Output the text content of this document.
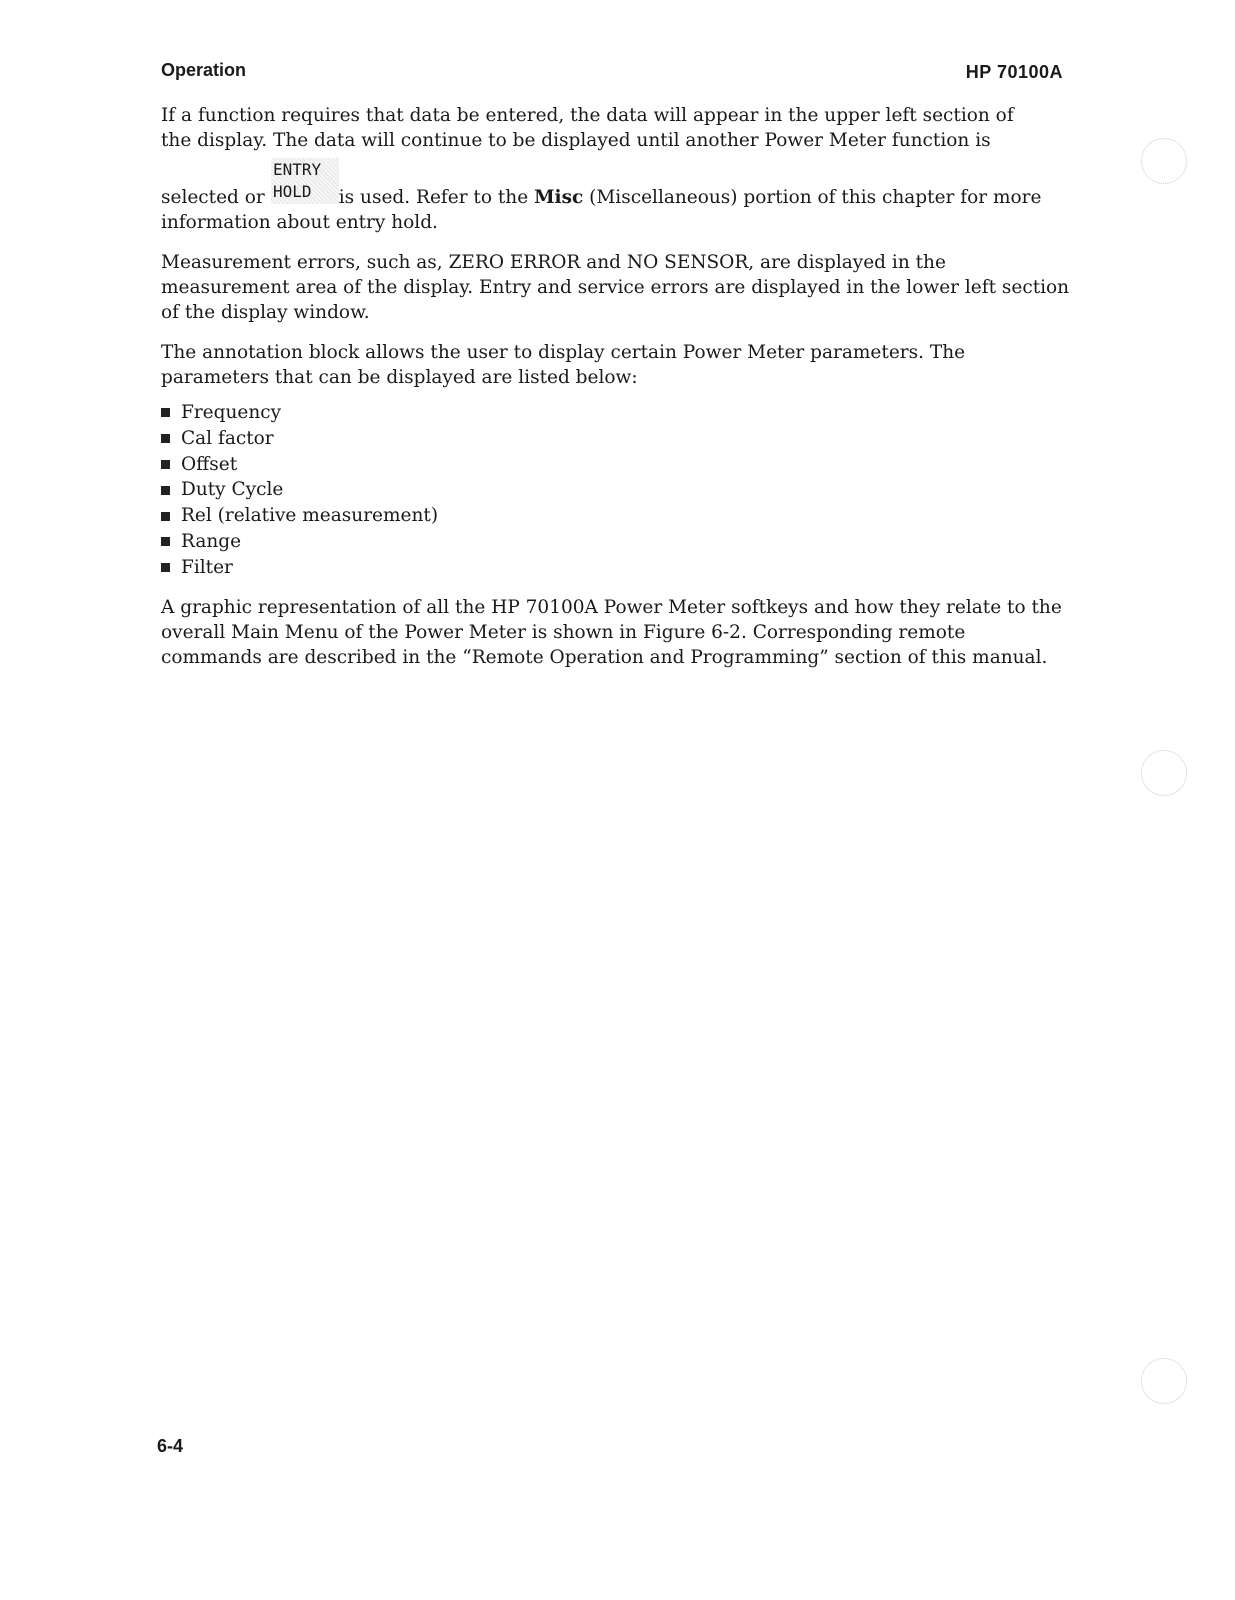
Operation	HP 70100A
If a function requires that data be entered, the data will appear in the upper left section of
the display. The data will continue to be displayed until another Power Meter function is
ENTRY
HOLD
selected or	is used. Refer to the Misc (Miscellaneous) portion of this chapter for more
information about entry hold.

Measurement errors, such as, ZERO ERROR and NO SENSOR, are displayed in the measurement area of the display. Entry and service errors are displayed in the lower left section of the display window.

The annotation block allows the user to display certain Power Meter parameters. The parameters that can be displayed are listed below:

Frequency
Cal factor
Offset
Duty Cycle
Rel (relative measurement)
Range
Filter

A graphic representation of all the HP 70100A Power Meter softkeys and how they relate to the overall Main Menu of the Power Meter is shown in Figure 6-2. Corresponding remote commands are described in the “Remote Operation and Programming” section of this manual.

6-4
